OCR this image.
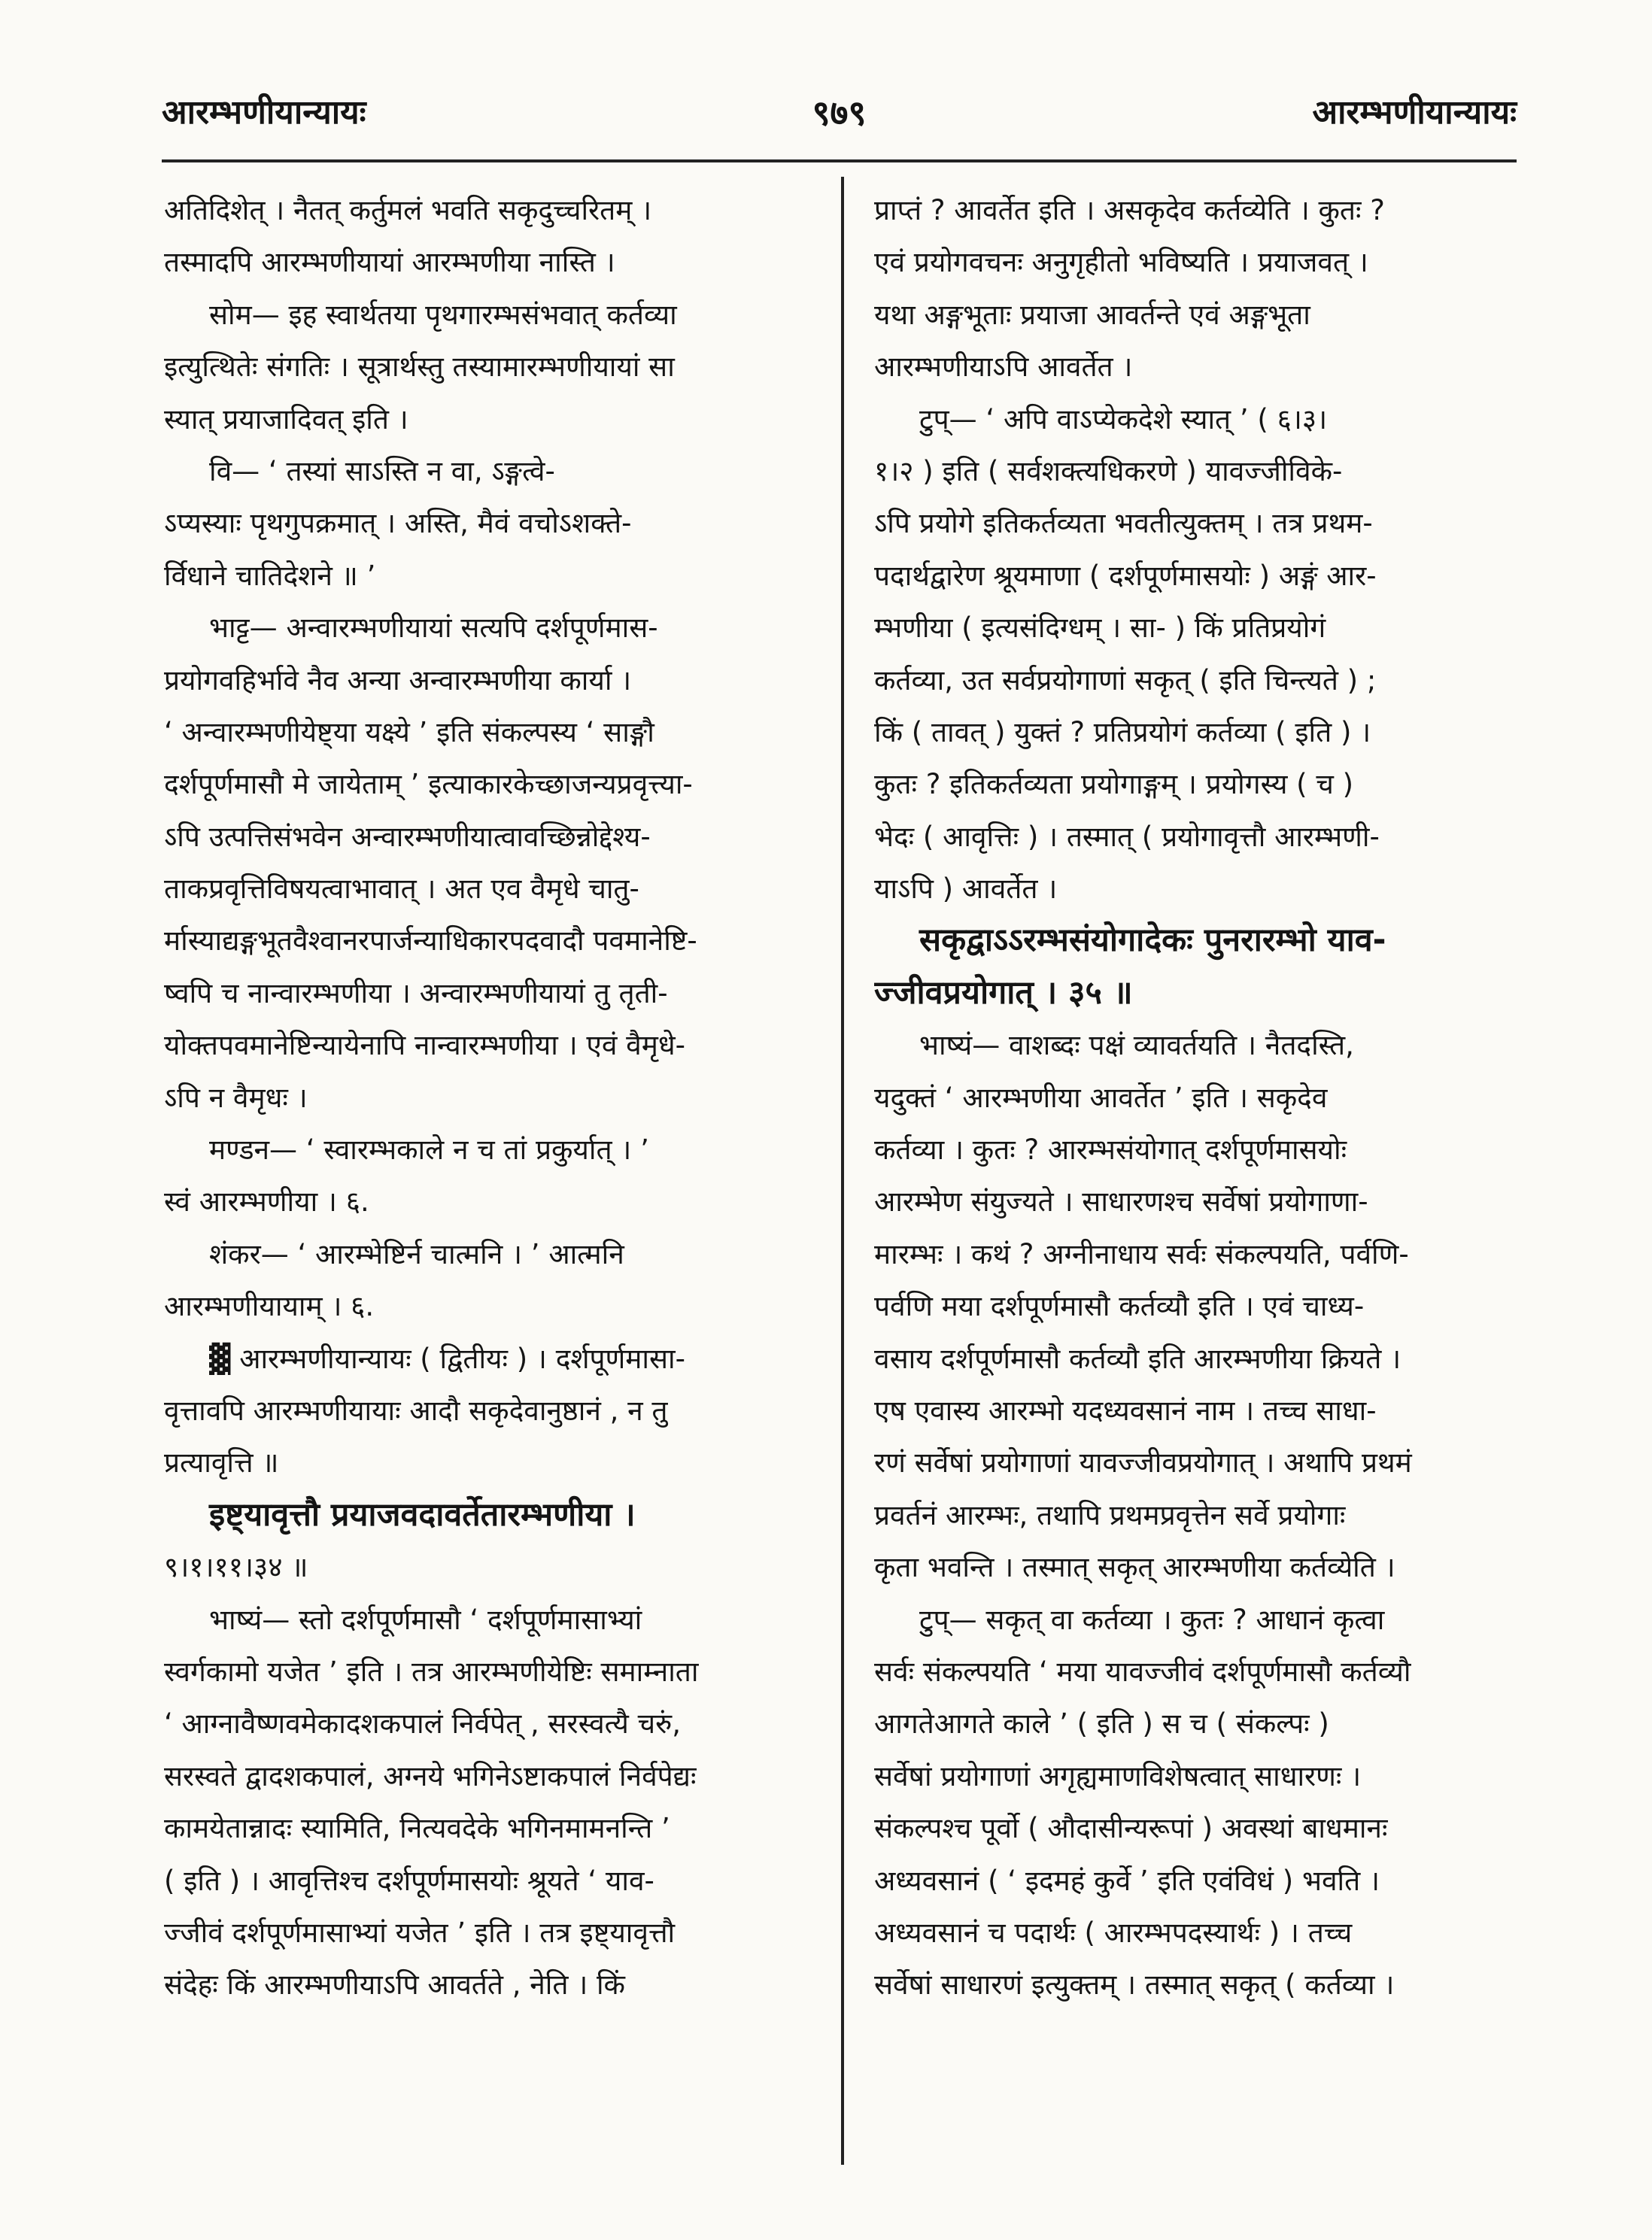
आरम्भणीयान्यायः	९७९	आरम्भणीयान्यायः
अतिदिशेत् । नैतत् कर्तुमलं भवति सकृदुच्चरितम् ।
तस्मादपि आरम्भणीयायां आरम्भणीया नास्ति ।
सोम— इह स्वार्थतया पृथगारम्भसंभवात् कर्तव्या
इत्युत्थितेः संगतिः । सूत्रार्थस्तु तस्यामारम्भणीयायां सा
स्यात् प्रयाजादिवत् इति ।
वि— ‘ तस्यां साऽस्ति न वा, ऽङ्गत्वे-
ऽप्यस्याः पृथगुपक्रमात् । अस्ति, मैवं वचोऽशक्ते-
र्विधाने चातिदेशने ॥ ’
भाट्ट— अन्वारम्भणीयायां सत्यपि दर्शपूर्णमास-
प्रयोगवहिर्भावे नैव अन्या अन्वारम्भणीया कार्या ।
‘ अन्वारम्भणीयेष्ट्या यक्ष्ये ’ इति संकल्पस्य ‘ साङ्गौ
दर्शपूर्णमासौ मे जायेताम् ’ इत्याकारकेच्छाजन्यप्रवृत्त्या-
ऽपि उत्पत्तिसंभवेन अन्वारम्भणीयात्वावच्छिन्नोद्देश्य-
ताकप्रवृत्तिविषयत्वाभावात् । अत एव वैमृधे चातु-
र्मास्याद्यङ्गभूतवैश्वानरपार्जन्याधिकारपदवादौ पवमानेष्टि-
ष्वपि च नान्वारम्भणीया । अन्वारम्भणीयायां तु तृती-
योक्तपवमानेष्टिन्यायेनापि नान्वारम्भणीया । एवं वैमृधे-
ऽपि न वैमृधः ।
मण्डन— ‘ स्वारम्भकाले न च तां प्रकुर्यात् । ’
स्वं आरम्भणीया । ६.
शंकर— ‘ आरम्भेष्टिर्न चात्मनि । ’ आत्मनि
आरम्भणीयायाम् । ६.
▓ आरम्भणीयान्यायः ( द्वितीयः ) । दर्शपूर्णमासा-
वृत्तावपि आरम्भणीयायाः आदौ सकृदेवानुष्ठानं , न तु
प्रत्यावृत्ति ॥
इष्ट्यावृत्तौ प्रयाजवदावर्तेतारम्भणीया ।
९।१।११।३४ ॥
भाष्यं— स्तो दर्शपूर्णमासौ ‘ दर्शपूर्णमासाभ्यां
स्वर्गकामो यजेत ’ इति । तत्र आरम्भणीयेष्टिः समाम्नाता
‘ आग्नावैष्णवमेकादशकपालं निर्वपेत् , सरस्वत्यै चरुं,
सरस्वते द्वादशकपालं, अग्नये भगिनेऽष्टाकपालं निर्वपेद्यः
कामयेतान्नादः स्यामिति, नित्यवदेके भगिनमामनन्ति ’
( इति ) । आवृत्तिश्च दर्शपूर्णमासयोः श्रूयते ‘ याव-
ज्जीवं दर्शपूर्णमासाभ्यां यजेत ’ इति । तत्र इष्ट्यावृत्तौ
संदेहः किं आरम्भणीयाऽपि आवर्तते , नेति । किं
प्राप्तं ? आवर्तेत इति । असकृदेव कर्तव्येति । कुतः ?
एवं प्रयोगवचनः अनुगृहीतो भविष्यति । प्रयाजवत् ।
यथा अङ्गभूताः प्रयाजा आवर्तन्ते एवं अङ्गभूता
आरम्भणीयाऽपि आवर्तेत ।
टुप्— ‘ अपि वाऽप्येकदेशे स्यात् ’ ( ६।३।
१।२ ) इति ( सर्वशक्त्यधिकरणे ) यावज्जीविके-
ऽपि प्रयोगे इतिकर्तव्यता भवतीत्युक्तम् । तत्र प्रथम-
पदार्थद्वारेण श्रूयमाणा ( दर्शपूर्णमासयोः ) अङ्गं आर-
म्भणीया ( इत्यसंदिग्धम् । सा- ) किं प्रतिप्रयोगं
कर्तव्या, उत सर्वप्रयोगाणां सकृत् ( इति चिन्त्यते ) ;
किं ( तावत् ) युक्तं ? प्रतिप्रयोगं कर्तव्या ( इति ) ।
कुतः ? इतिकर्तव्यता प्रयोगाङ्गम् । प्रयोगस्य ( च )
भेदः ( आवृत्तिः ) । तस्मात् ( प्रयोगावृत्तौ आरम्भणी-
याऽपि ) आवर्तेत ।
सकृद्वाऽऽरम्भसंयोगादेकः पुनरारम्भो याव-
ज्जीवप्रयोगात् । ३५ ॥
भाष्यं— वाशब्दः पक्षं व्यावर्तयति । नैतदस्ति,
यदुक्तं ‘ आरम्भणीया आवर्तेत ’ इति । सकृदेव
कर्तव्या । कुतः ? आरम्भसंयोगात् दर्शपूर्णमासयोः
आरम्भेण संयुज्यते । साधारणश्च सर्वेषां प्रयोगाणा-
मारम्भः । कथं ? अग्नीनाधाय सर्वः संकल्पयति, पर्वणि-
पर्वणि मया दर्शपूर्णमासौ कर्तव्यौ इति । एवं चाध्य-
वसाय दर्शपूर्णमासौ कर्तव्यौ इति आरम्भणीया क्रियते ।
एष एवास्य आरम्भो यदध्यवसानं नाम । तच्च साधा-
रणं सर्वेषां प्रयोगाणां यावज्जीवप्रयोगात् । अथापि प्रथमं
प्रवर्तनं आरम्भः, तथापि प्रथमप्रवृत्तेन सर्वे प्रयोगाः
कृता भवन्ति । तस्मात् सकृत् आरम्भणीया कर्तव्येति ।
टुप्— सकृत् वा कर्तव्या । कुतः ? आधानं कृत्वा
सर्वः संकल्पयति ‘ मया यावज्जीवं दर्शपूर्णमासौ कर्तव्यौ
आगतेआगते काले ’ ( इति ) स च ( संकल्पः )
सर्वेषां प्रयोगाणां अगृह्यमाणविशेषत्वात् साधारणः ।
संकल्पश्च पूर्वो ( औदासीन्यरूपां ) अवस्थां बाधमानः
अध्यवसानं ( ‘ इदमहं कुर्वे ’ इति एवंविधं ) भवति ।
अध्यवसानं च पदार्थः ( आरम्भपदस्यार्थः ) । तच्च
सर्वेषां साधारणं इत्युक्तम् । तस्मात् सकृत् ( कर्तव्या ।
